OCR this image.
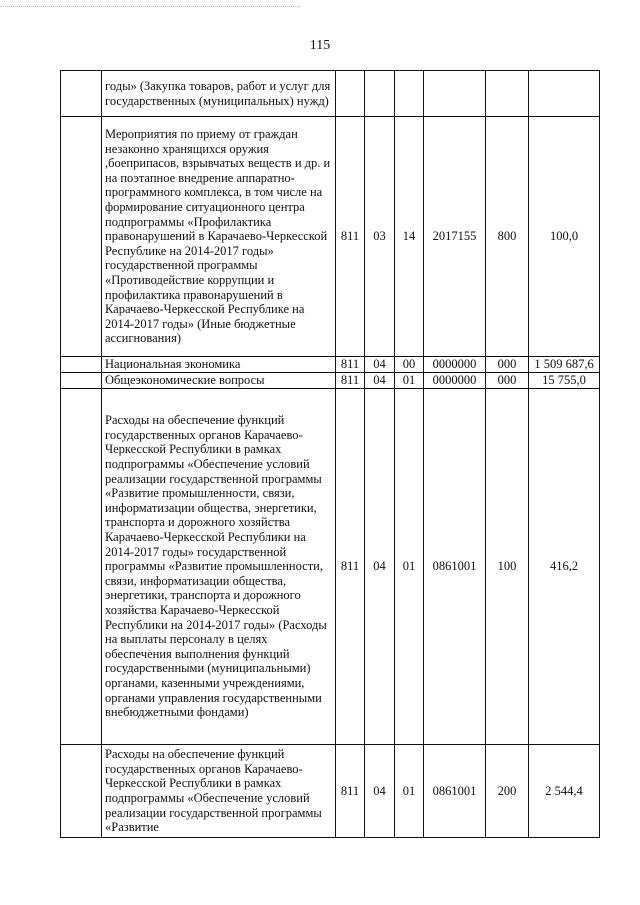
115
	годы» (Закупка товаров, работ и услуг для государственных (муниципальных) нужд)						
	Мероприятия по приему от граждан незаконно хранящихся оружия ,боеприпасов, взрывчатых веществ и др. и на поэтапное внедрение аппаратно- программного комплекса, в том числе на формирование ситуационного центра подпрограммы «Профилактика правонарушений в Карачаево-Черкесской Республике на 2014-2017 годы» государственной программы «Противодействие коррупции и профилактика правонарушений в Карачаево-Черкесской Республике на 2014-2017 годы» (Иные бюджетные ассигнования)	811	03	14	2017155	800	100,0
	Национальная экономика	811	04	00	0000000	000	1 509 687,6
	Общеэкономические вопросы	811	04	01	0000000	000	15 755,0
	Расходы на обеспечение функций государственных органов Карачаево-Черкесской Республики в рамках подпрограммы «Обеспечение условий реализации государственной программы «Развитие промышленности, связи, информатизации общества, энергетики, транспорта и дорожного хозяйства Карачаево-Черкесской Республики на 2014-2017 годы» государственной программы «Развитие промышленности, связи, информатизации общества, энергетики, транспорта и дорожного хозяйства Карачаево-Черкесской Республики на 2014-2017 годы» (Расходы на выплаты персоналу в целях обеспечения выполнения функций государственными (муниципальными) органами, казенными учреждениями, органами управления государственными внебюджетными фондами)	811	04	01	0861001	100	416,2
	Расходы на обеспечение функций государственных органов Карачаево-Черкесской Республики в рамках подпрограммы «Обеспечение условий реализации государственной программы «Развитие	811	04	01	0861001	200	2 544,4
